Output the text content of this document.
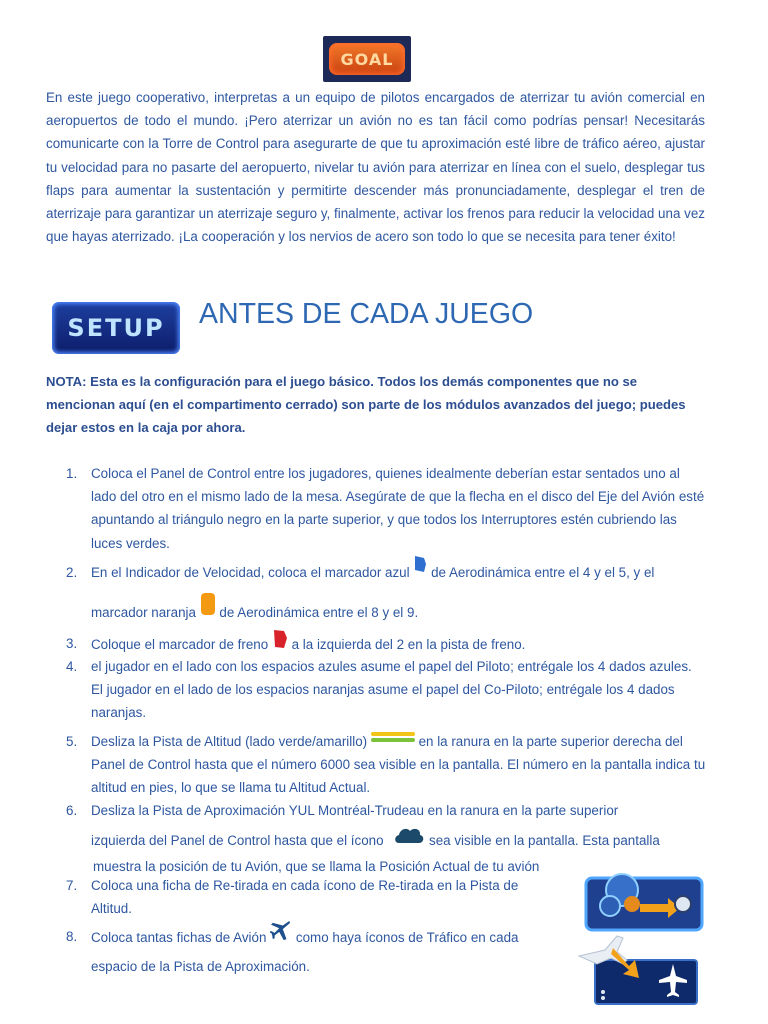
GOAL
En este juego cooperativo, interpretas a un equipo de pilotos encargados de aterrizar tu avión comercial en aeropuertos de todo el mundo. ¡Pero aterrizar un avión no es tan fácil como podrías pensar! Necesitarás comunicarte con la Torre de Control para asegurarte de que tu aproximación esté libre de tráfico aéreo, ajustar tu velocidad para no pasarte del aeropuerto, nivelar tu avión para aterrizar en línea con el suelo, desplegar tus flaps para aumentar la sustentación y permitirte descender más pronunciadamente, desplegar el tren de aterrizaje para garantizar un aterrizaje seguro y, finalmente, activar los frenos para reducir la velocidad una vez que hayas aterrizado. ¡La cooperación y los nervios de acero son todo lo que se necesita para tener éxito!
SETUP	ANTES DE CADA JUEGO
NOTA: Esta es la configuración para el juego básico. Todos los demás componentes que no se mencionan aquí (en el compartimento cerrado) son parte de los módulos avanzados del juego; puedes dejar estos en la caja por ahora.
1.	Coloca el Panel de Control entre los jugadores, quienes idealmente deberían estar sentados uno al lado del otro en el mismo lado de la mesa. Asegúrate de que la flecha en el disco del Eje del Avión esté apuntando al triángulo negro en la parte superior, y que todos los Interruptores estén cubriendo las luces verdes.
2.	En el Indicador de Velocidad, coloca el marcador azul de Aerodinámica entre el 4 y el 5, y el
marcador naranja de Aerodinámica entre el 8 y el 9.
3.	Coloque el marcador de freno a la izquierda del 2 en la pista de freno.
4.	el jugador en el lado con los espacios azules asume el papel del Piloto; entrégale los 4 dados azules. El jugador en el lado de los espacios naranjas asume el papel del Co-Piloto; entrégale los 4 dados naranjas.
5.	Desliza la Pista de Altitud (lado verde/amarillo)	en la ranura en la parte superior derecha del Panel de Control hasta que el número 6000 sea visible en la pantalla. El número en la pantalla indica tu altitud en pies, lo que se llama tu Altitud Actual.
6.	Desliza la Pista de Aproximación YUL Montréal-Trudeau en la ranura en la parte superior
izquierda del Panel de Control hasta que el ícono	sea visible en la pantalla. Esta pantalla
muestra la posición de tu Avión, que se llama la Posición Actual de tu avión
7.	Coloca una ficha de Re-tirada en cada ícono de Re-tirada en la Pista de Altitud.
8.	Coloca tantas fichas de Avión como haya íconos de Tráfico en cada
espacio de la Pista de Aproximación.
